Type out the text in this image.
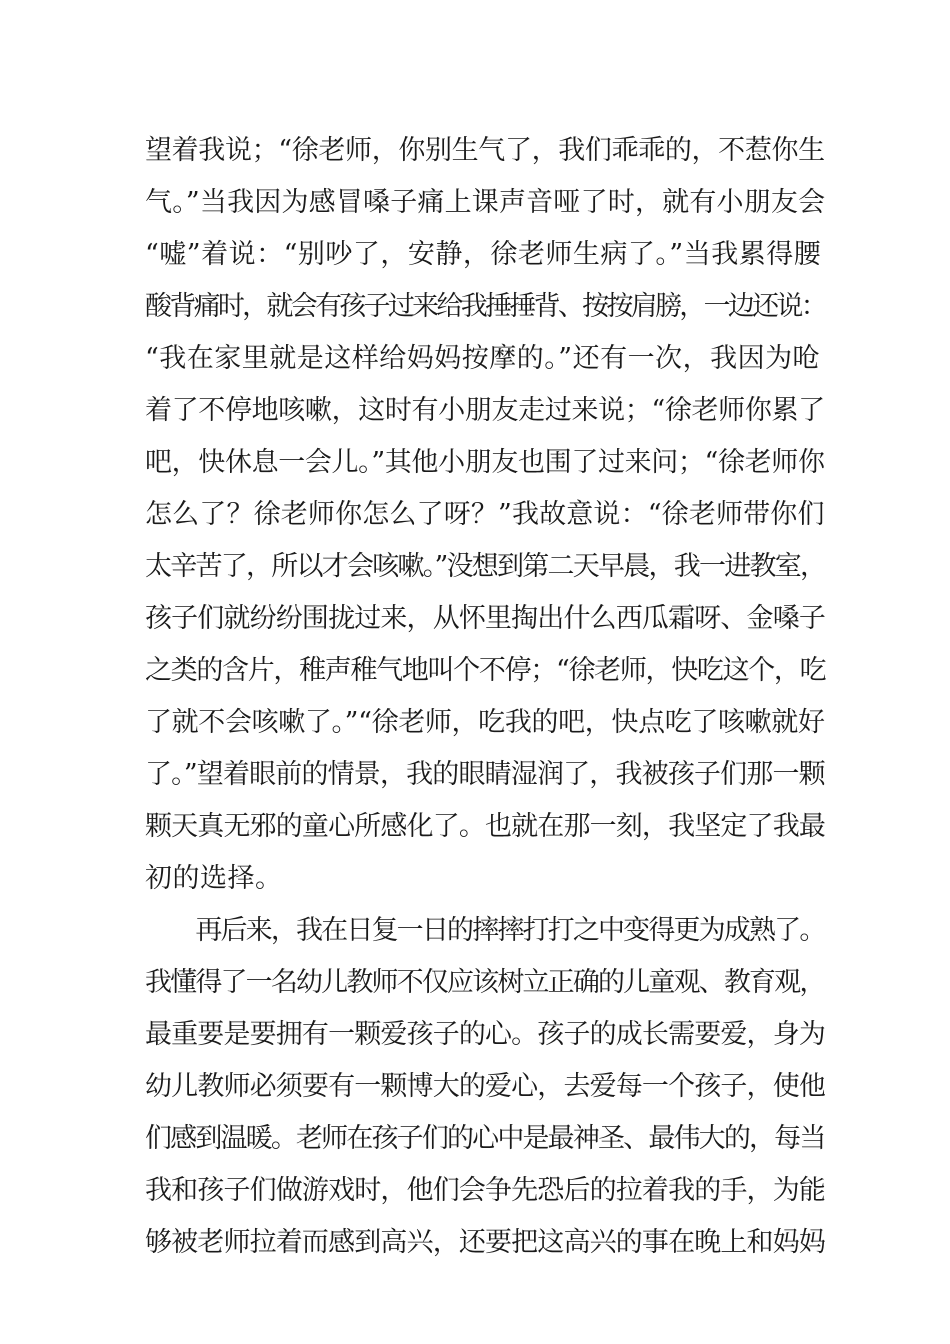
望着我说；“徐老师，你别生气了，我们乖乖的，不惹你生
气。”当我因为感冒嗓子痛上课声音哑了时，就有小朋友会
“嘘”着说：“别吵了，安静，徐老师生病了。”当我累得腰
酸背痛时，就会有孩子过来给我捶捶背、按按肩膀，一边还说：
“我在家里就是这样给妈妈按摩的。”还有一次，我因为呛
着了不停地咳嗽，这时有小朋友走过来说；“徐老师你累了
吧，快休息一会儿。”其他小朋友也围了过来问；“徐老师你
怎么了？徐老师你怎么了呀？”我故意说：“徐老师带你们
太辛苦了，所以才会咳嗽。”没想到第二天早晨，我一进教室，
孩子们就纷纷围拢过来，从怀里掏出什么西瓜霜呀、金嗓子
之类的含片，稚声稚气地叫个不停；“徐老师，快吃这个，吃
了就不会咳嗽了。”“徐老师，吃我的吧，快点吃了咳嗽就好
了。”望着眼前的情景，我的眼睛湿润了，我被孩子们那一颗
颗天真无邪的童心所感化了。也就在那一刻，我坚定了我最
初的选择。
　　再后来，我在日复一日的摔摔打打之中变得更为成熟了。
我懂得了一名幼儿教师不仅应该树立正确的儿童观、教育观，
最重要是要拥有一颗爱孩子的心。孩子的成长需要爱，身为
幼儿教师必须要有一颗博大的爱心，去爱每一个孩子，使他
们感到温暖。老师在孩子们的心中是最神圣、最伟大的，每当
我和孩子们做游戏时，他们会争先恐后的拉着我的手，为能
够被老师拉着而感到高兴，还要把这高兴的事在晚上和妈妈
